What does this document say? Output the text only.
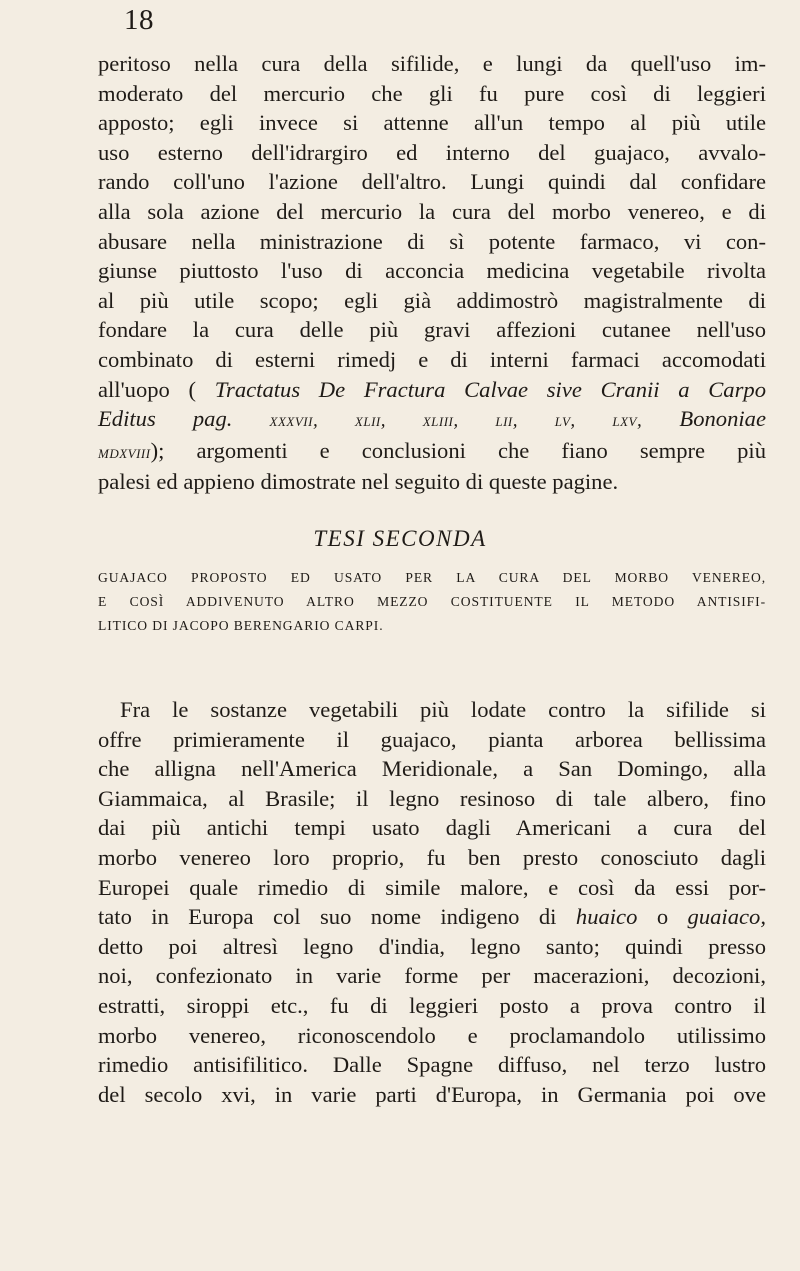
18
peritoso nella cura della sifilide, e lungi da quell'uso im-
moderato del mercurio che gli fu pure così di leggieri
apposto; egli invece si attenne all'un tempo al più utile
uso esterno dell'idrargiro ed interno del guajaco, avvalo-
rando coll'uno l'azione dell'altro. Lungi quindi dal confidare
alla sola azione del mercurio la cura del morbo venereo, e di
abusare nella ministrazione di sì potente farmaco, vi con-
giunse piuttosto l'uso di acconcia medicina vegetabile rivolta
al più utile scopo; egli già addimostrò magistralmente di
fondare la cura delle più gravi affezioni cutanee nell'uso
combinato di esterni rimedj e di interni farmaci accomodati
all'uopo ( Tractatus De Fractura Calvae sive Cranii a Carpo
Editus pag. xxxvii, xlii, xliii, lii, lv, lxv, Bononiae
mdxviii); argomenti e conclusioni che fiano sempre più
palesi ed appieno dimostrate nel seguito di queste pagine.
TESI SECONDA
GUAJACO PROPOSTO ED USATO PER LA CURA DEL MORBO VENEREO,
E COSÌ ADDIVENUTO ALTRO MEZZO COSTITUENTE IL METODO ANTISIFI-
LITICO DI JACOPO BERENGARIO CARPI.
Fra le sostanze vegetabili più lodate contro la sifilide si
offre primieramente il guajaco, pianta arborea bellissima
che alligna nell'America Meridionale, a San Domingo, alla
Giammaica, al Brasile; il legno resinoso di tale albero, fino
dai più antichi tempi usato dagli Americani a cura del
morbo venereo loro proprio, fu ben presto conosciuto dagli
Europei quale rimedio di simile malore, e così da essi por-
tato in Europa col suo nome indigeno di huaico o guaiaco,
detto poi altresì legno d'india, legno santo; quindi presso
noi, confezionato in varie forme per macerazioni, decozioni,
estratti, siroppi etc., fu di leggieri posto a prova contro il
morbo venereo, riconoscendolo e proclamandolo utilissimo
rimedio antisifilitico. Dalle Spagne diffuso, nel terzo lustro
del secolo xvi, in varie parti d'Europa, in Germania poi ove
